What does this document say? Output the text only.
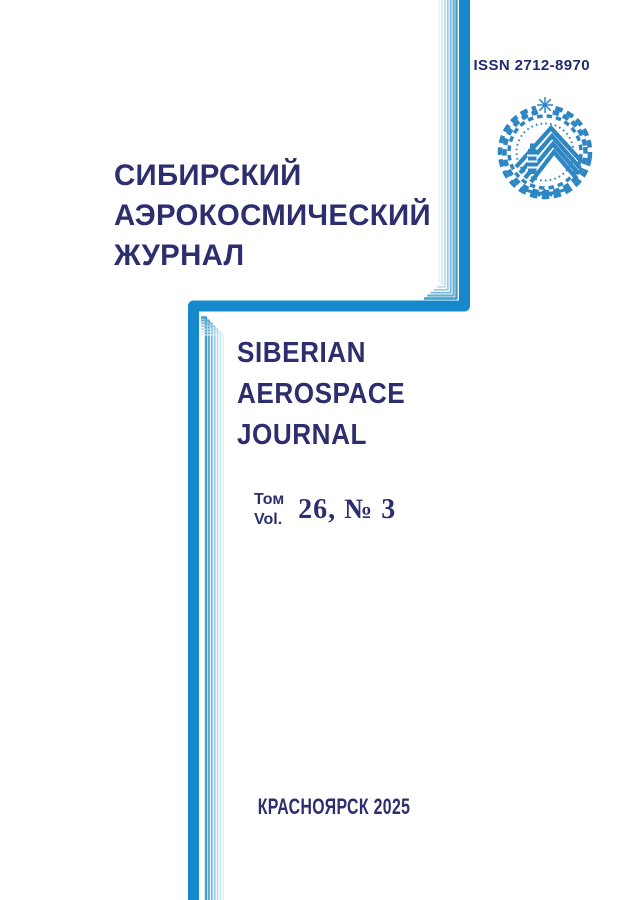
ISSN 2712-8970
СИБИРСКИЙ
АЭРОКОСМИЧЕСКИЙ
ЖУРНАЛ
SIBERIAN
AEROSPACE
JOURNAL
Том
Vol. 26, № 3
КРАСНОЯРСК 2025
